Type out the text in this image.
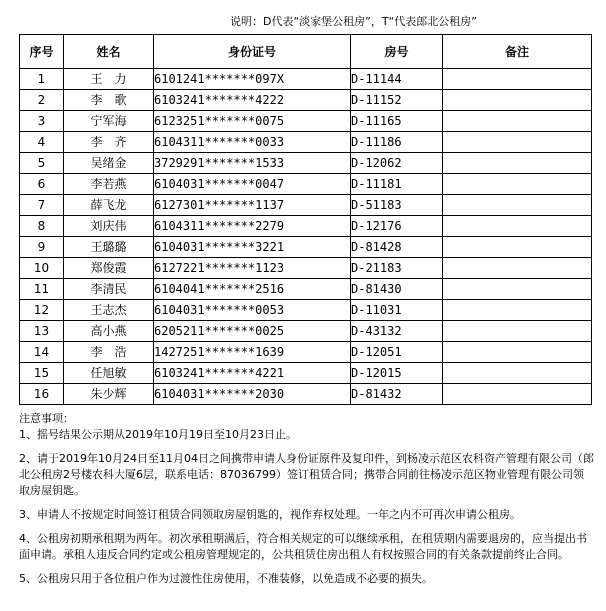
说明：D代表“淡家堡公租房”，T“代表郎北公租房”
序号	姓名	身份证号	房号	备注
1	王　力	6101241*******097X	D-11144	
2	李　歌	6103241*******4222	D-11152	
3	宁军海	6123251*******0075	D-11165	
4	李　齐	6104311*******0033	D-11186	
5	吴绪金	3729291*******1533	D-12062	
6	李若燕	6104031*******0047	D-11181	
7	薛飞龙	6127301*******1137	D-51183	
8	刘庆伟	6104311*******2279	D-12176	
9	王璐璐	6104031*******3221	D-81428	
10	郑俊霞	6127221*******1123	D-21183	
11	李清民	6104041*******2516	D-81430	
12	王志杰	6104031*******0053	D-11031	
13	高小燕	6205211*******0025	D-43132	
14	李　浩	1427251*******1639	D-12051	
15	任旭敏	6103241*******4221	D-12015	
16	朱少辉	6104031*******2030	D-81432	

注意事项：

1、摇号结果公示期从2019年10月19日至10月23日止。

2、请于2019年10月24日至11月04日之间携带申请人身份证原件及复印件，到杨凌示范区农科资产管理有限公司（郎北公租房2号楼农科大厦6层，联系电话：87036799）签订租赁合同；携带合同前往杨凌示范区物业管理有限公司领取房屋钥匙。

3、申请人不按规定时间签订租赁合同领取房屋钥匙的，视作弃权处理。一年之内不可再次申请公租房。

4、公租房初期承租期为两年。初次承租期满后，符合相关规定的可以继续承租，在租赁期内需要退房的，应当提出书面申请。承租人违反合同约定或公租房管理规定的，公共租赁住房出租人有权按照合同的有关条款提前终止合同。

5、公租房只用于各位租户作为过渡性住房使用，不准装修，以免造成不必要的损失。
